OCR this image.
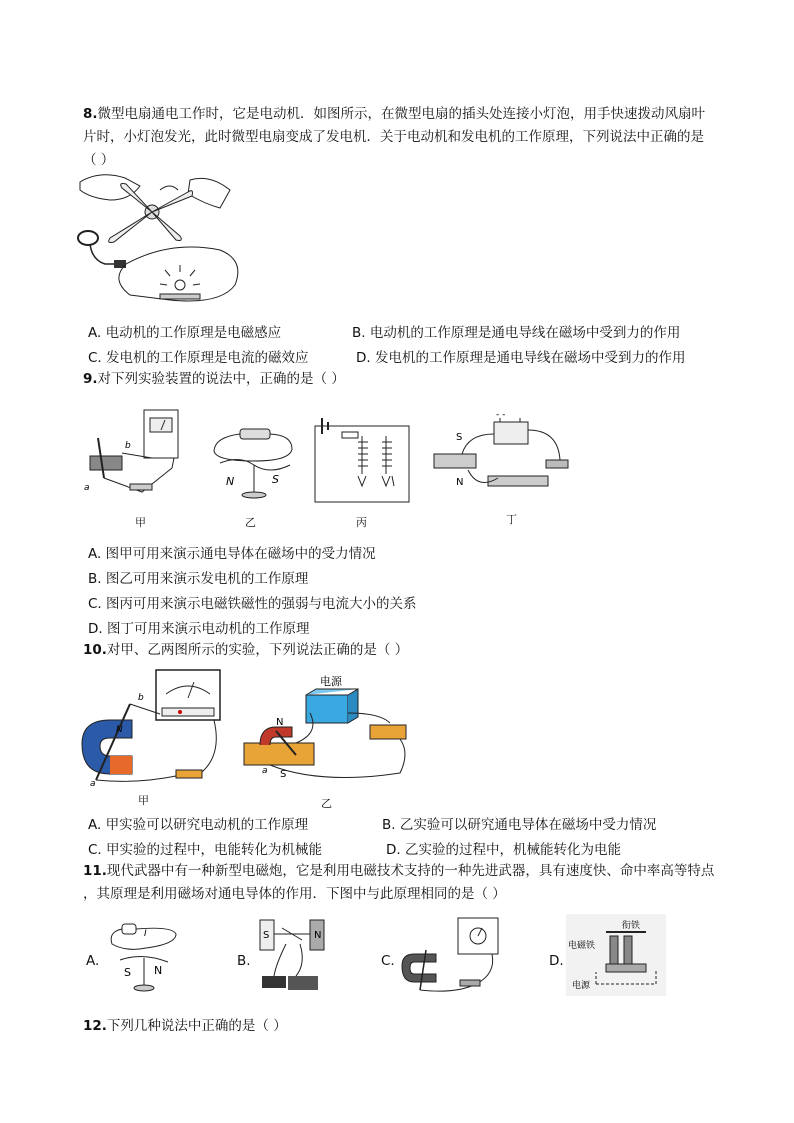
8.微型电扇通电工作时，它是电动机．如图所示，在微型电扇的插头处连接小灯泡，用手快速拨动风扇叶
片时，小灯泡发光，此时微型电扇变成了发电机．关于电动机和发电机的工作原理，下列说法中正确的是
（ ）
A. 电动机的工作原理是电磁感应	B. 电动机的工作原理是通电导线在磁场中受到力的作用
C. 发电机的工作原理是电流的磁效应	D. 发电机的工作原理是通电导线在磁场中受到力的作用
9.对下列实验装置的说法中，正确的是（ ）
a
b
甲
N	S
乙	丙
- -
S
N
丁
A. 图甲可用来演示通电导体在磁场中的受力情况
B. 图乙可用来演示发电机的工作原理
C. 图丙可用来演示电磁铁磁性的强弱与电流大小的关系
D. 图丁可用来演示电动机的工作原理
10.对甲、乙两图所示的实验，下列说法正确的是（ ）
N
b
a
甲
电源
N
S
a
乙
A. 甲实验可以研究电动机的工作原理	B. 乙实验可以研究通电导体在磁场中受力情况
C. 甲实验的过程中，电能转化为机械能	D. 乙实验的过程中，机械能转化为电能
11.现代武器中有一种新型电磁炮，它是利用电磁技术支持的一种先进武器，具有速度快、命中率高等特点
，其原理是利用磁场对通电导体的作用．下图中与此原理相同的是（ ）
A.
I
S N
B.
S	N
C.	D.
衔铁
电磁铁
电源
12.下列几种说法中正确的是（ ）
